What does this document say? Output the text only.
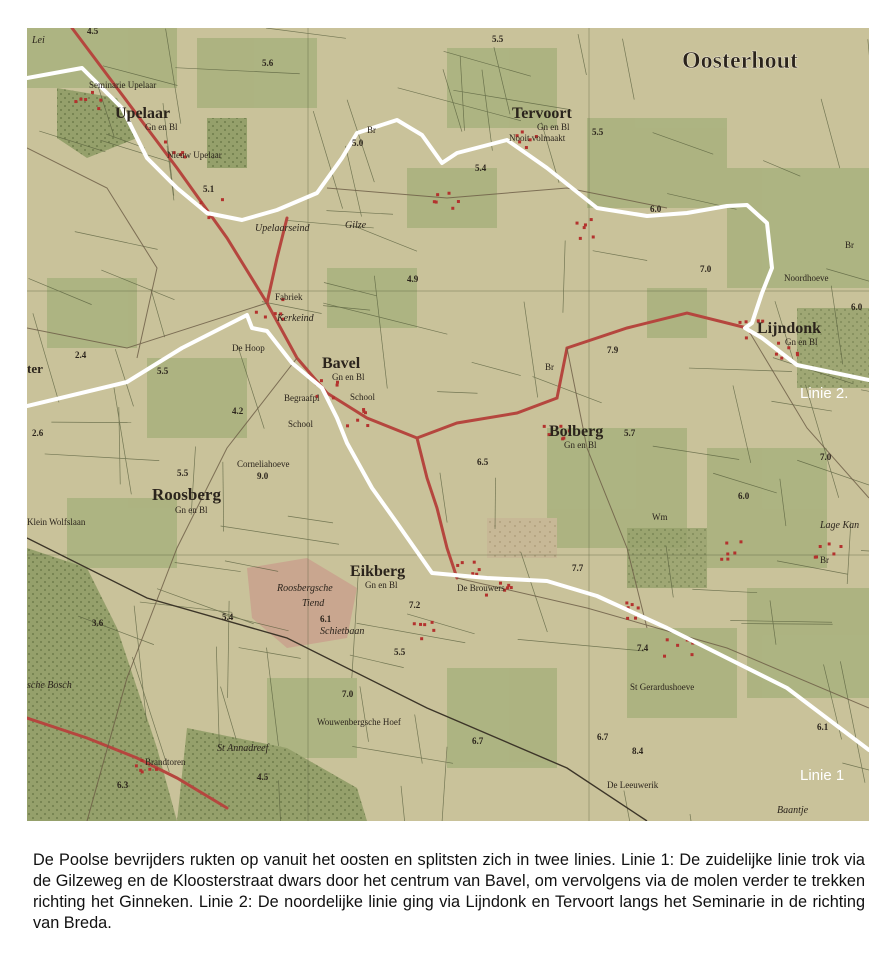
Oosterhout
Upelaar	Tervoort
Bavel
Lijndonk
Bolberg
Roosberg
Eikberg
Gn en Bl	Gn en Bl
Gn en Bl
Gn en Bl
Gn en Bl
Gn en Bl
Gn en Bl
Seminarie Upelaar
Nieuw Upelaar
Nooit volmaakt
Upelaarseind
Fabriek
Kerkeind
De Hoop
Begraafpl	School
School
Noordhoeve
Corneliahoeve
Roosbergsche
Tiend
Schietbaan
De Brouwers
St Gerardushoeve
Wouwenbergsche Hoef
Brandtoren
De Leeuwerik
Klein Wolfslaan
sche Bosch
Lage Kan
Baantje
Wm
St Annadreef
Gilze
Br
Br
Br
Br
Lei
ter
4.5
5.6
5.5
5.0
5.4
5.5
6.0
7.0
6.0
5.1
4.9
2.4
5.5
4.2
2.6
5.5	9.0
7.9
5.7
6.5	7.0
6.0
7.7
7.2
5.4	6.1
5.5
7.0
6.7	6.7
8.4
7.4
6.1
6.3
3.6
4.5
Linie 2.
Linie 1
De Poolse bevrijders rukten op vanuit het oosten en splitsten zich in twee linies. Linie 1: De zuidelijke linie trok via de Gilzeweg en de Kloosterstraat dwars door het centrum van Bavel, om vervolgens via de molen verder te trekken richting het Ginneken. Linie 2: De noordelijke linie ging via Lijndonk en Tervoort langs het Seminarie in de richting van Breda.
